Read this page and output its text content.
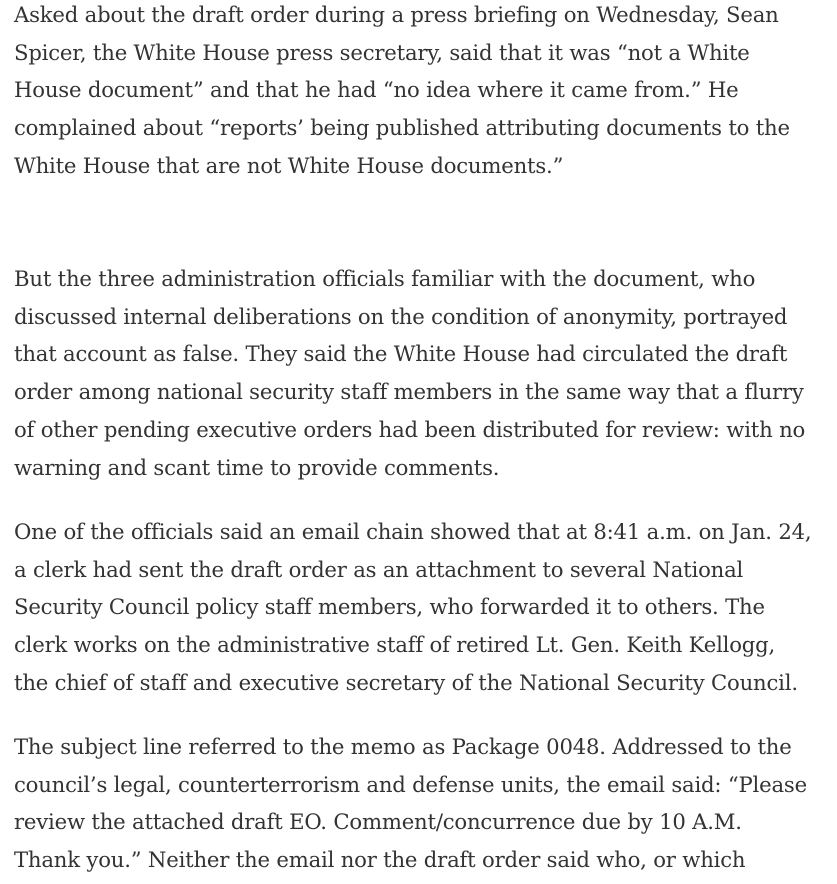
Asked about the draft order during a press briefing on Wednesday, Sean
Spicer, the White House press secretary, said that it was “not a White
House document” and that he had “no idea where it came from.” He
complained about “reports’ being published attributing documents to the
White House that are not White House documents.”

But the three administration officials familiar with the document, who
discussed internal deliberations on the condition of anonymity, portrayed
that account as false. They said the White House had circulated the draft
order among national security staff members in the same way that a flurry
of other pending executive orders had been distributed for review: with no
warning and scant time to provide comments.

One of the officials said an email chain showed that at 8:41 a.m. on Jan. 24,
a clerk had sent the draft order as an attachment to several National
Security Council policy staff members, who forwarded it to others. The
clerk works on the administrative staff of retired Lt. Gen. Keith Kellogg,
the chief of staff and executive secretary of the National Security Council.

The subject line referred to the memo as Package 0048. Addressed to the
council’s legal, counterterrorism and defense units, the email said: “Please
review the attached draft EO. Comment/concurrence due by 10 A.M.
Thank you.” Neither the email nor the draft order said who, or which
